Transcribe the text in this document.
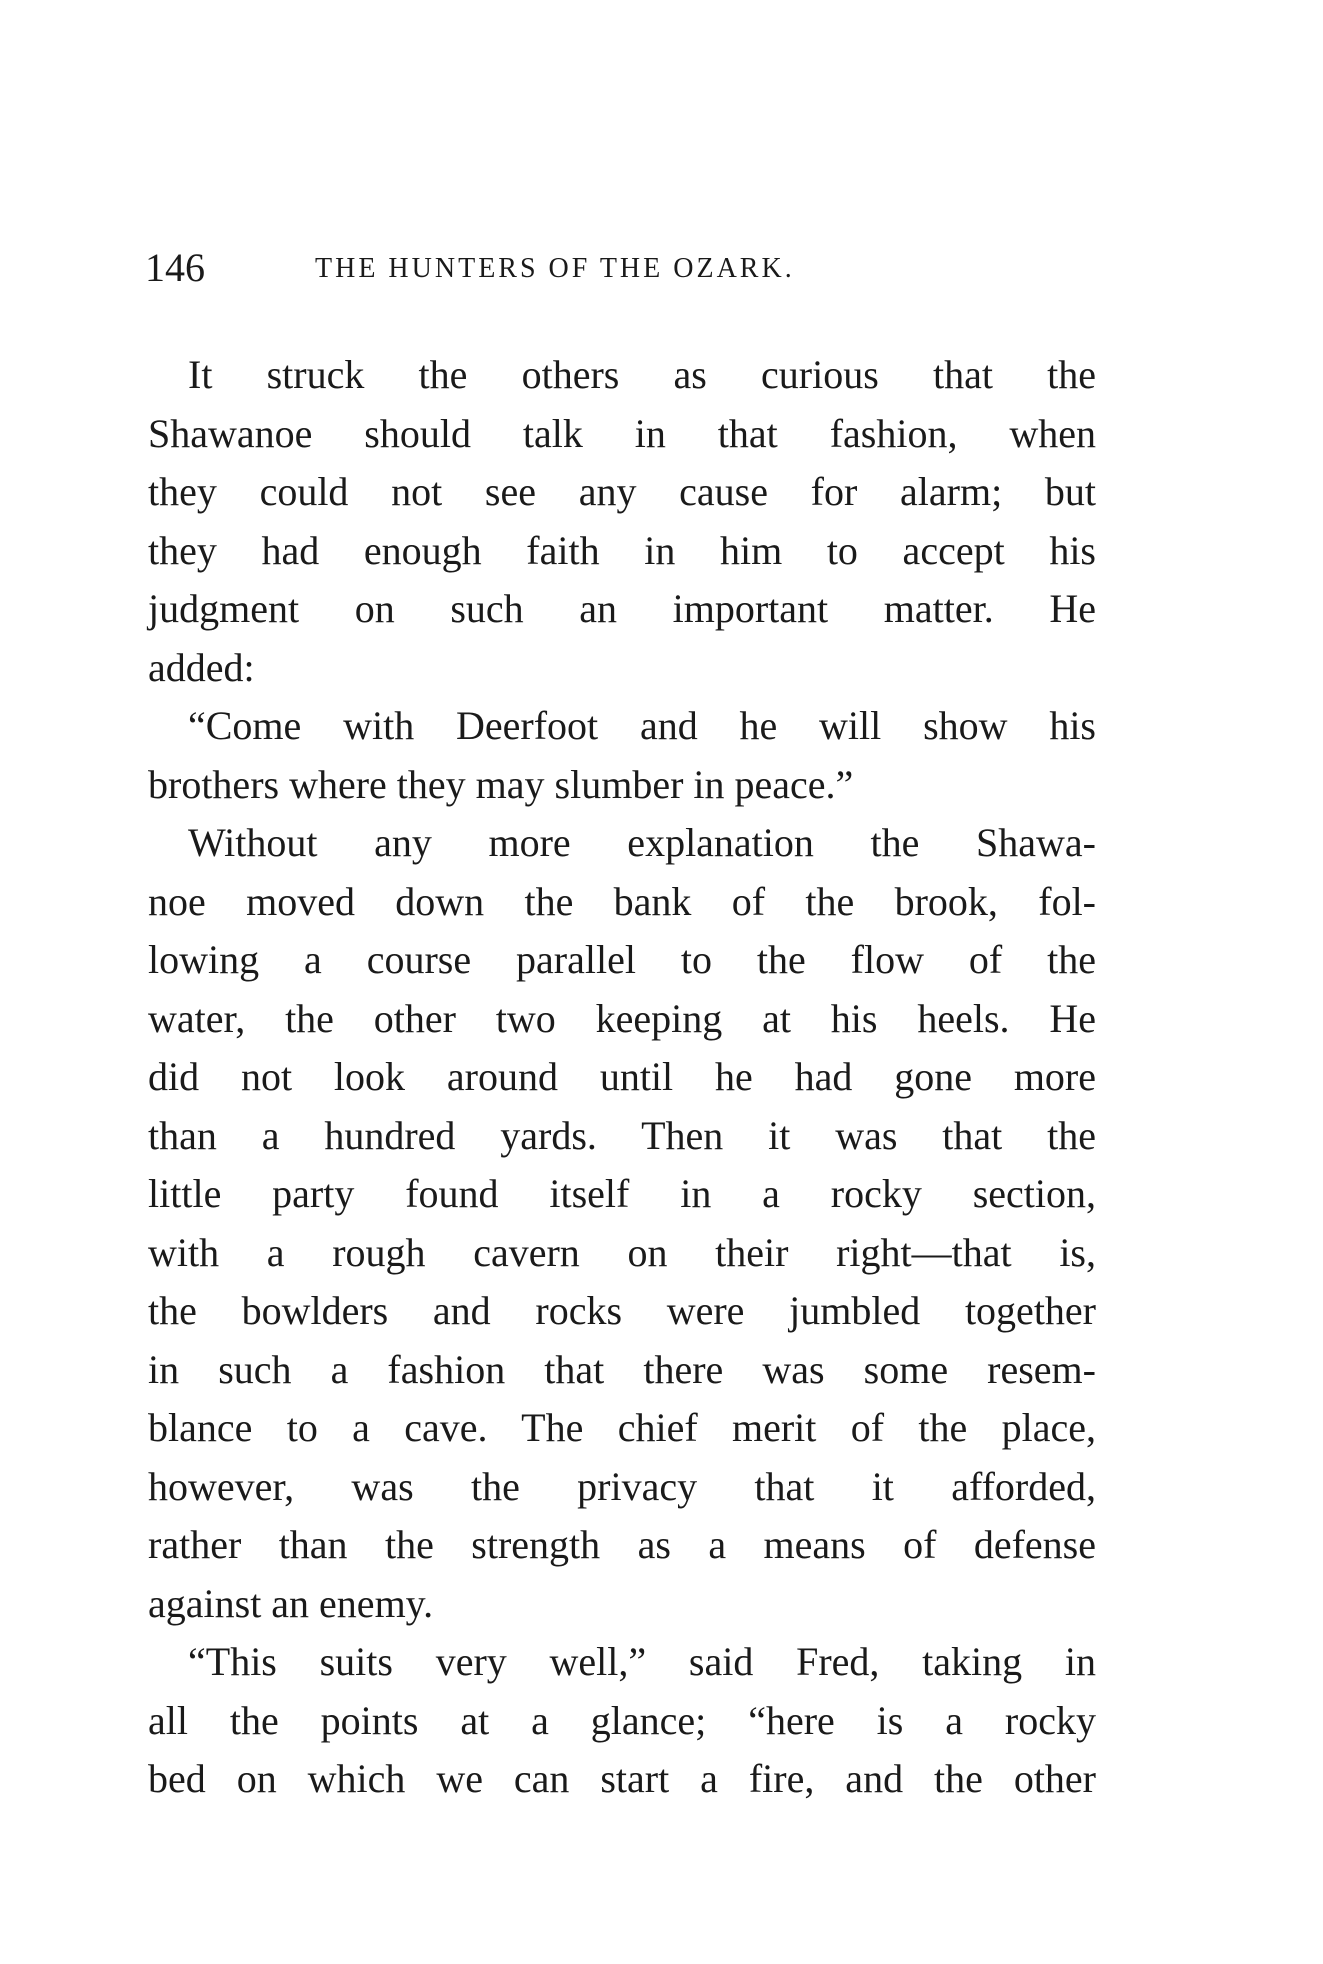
146	THE HUNTERS OF THE OZARK.
It struck the others as curious that the
Shawanoe should talk in that fashion, when
they could not see any cause for alarm; but
they had enough faith in him to accept his
judgment on such an important matter. He
added:
“Come with Deerfoot and he will show his
brothers where they may slumber in peace.”
Without any more explanation the Shawa-
noe moved down the bank of the brook, fol-
lowing a course parallel to the flow of the
water, the other two keeping at his heels. He
did not look around until he had gone more
than a hundred yards. Then it was that the
little party found itself in a rocky section,
with a rough cavern on their right—that is,
the bowlders and rocks were jumbled together
in such a fashion that there was some resem-
blance to a cave. The chief merit of the place,
however, was the privacy that it afforded,
rather than the strength as a means of defense
against an enemy.
“This suits very well,” said Fred, taking in
all the points at a glance; “here is a rocky
bed on which we can start a fire, and the other
